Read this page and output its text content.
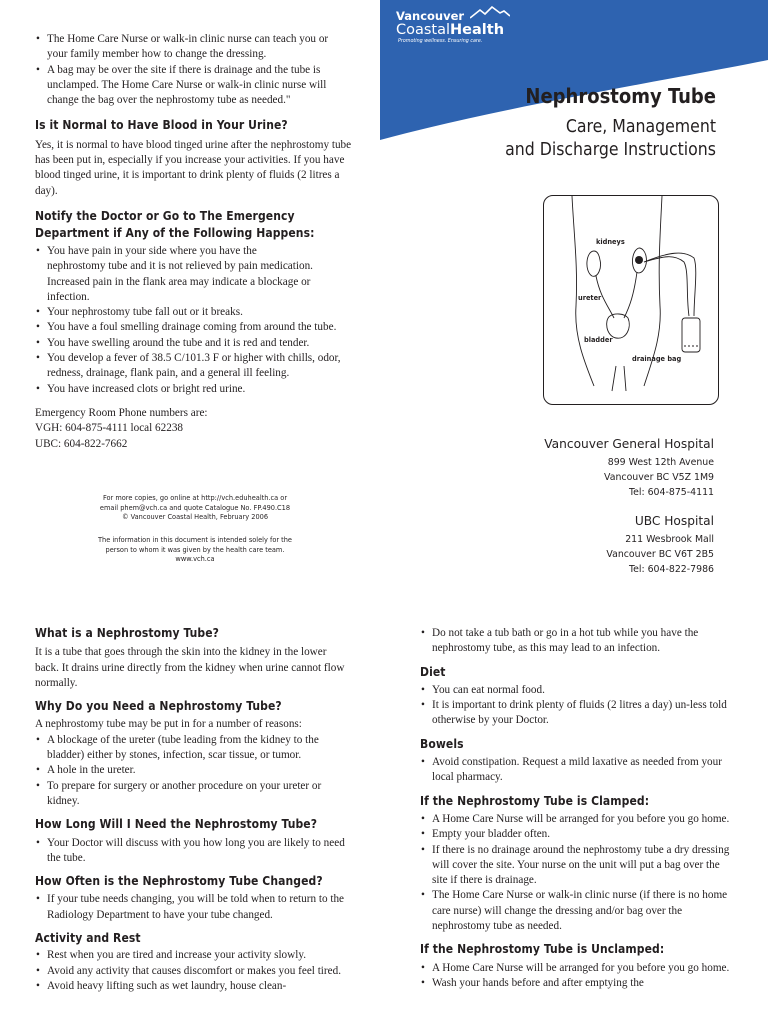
Vancouver
CoastalHealth
Promoting wellness. Ensuring care.
Nephrostomy Tube
Care, Management
and Discharge Instructions
kidneys
ureter
bladder
drainage bag
Vancouver General Hospital
899 West 12th Avenue
Vancouver BC V5Z 1M9
Tel: 604-875-4111
UBC Hospital
211 Wesbrook Mall
Vancouver BC V6T 2B5
Tel: 604-822-7986
• The Home Care Nurse or walk-in clinic nurse can teach you or your family member how to change the dressing.
• A bag may be over the site if there is drainage and the tube is unclamped. The Home Care Nurse or walk-in clinic nurse will change the bag over the nephrostomy tube as needed."
Is it Normal to Have Blood in Your Urine?

Yes, it is normal to have blood tinged urine after the nephrostomy tube has been put in, especially if you increase your activities. If you have blood tinged urine, it is important to drink plenty of fluids (2 litres a day).

Notify the Doctor or Go to The Emergency Department if Any of the Following Happens:
• You have pain in your side where you have the nephrostomy tube and it is not relieved by pain medication. Increased pain in the flank area may indicate a blockage or infection.
• Your nephrostomy tube fall out or it breaks.
• You have a foul smelling drainage coming from around the tube.
• You have swelling around the tube and it is red and tender.
• You develop a fever of 38.5 C/101.3 F or higher with chills, odor, redness, drainage, flank pain, and a general ill feeling.
• You have increased clots or bright red urine.

Emergency Room Phone numbers are:

VGH: 604-875-4111 local 62238

UBC: 604-822-7662

For more copies, go online at http://vch.eduhealth.ca or
email phem@vch.ca and quote Catalogue No. FP.490.C18
© Vancouver Coastal Health, February 2006
The information in this document is intended solely for the
person to whom it was given by the health care team.
www.vch.ca
What is a Nephrostomy Tube?

It is a tube that goes through the skin into the kidney in the lower back. It drains urine directly from the kidney when urine cannot flow normally.

Why Do you Need a Nephrostomy Tube?

A nephrostomy tube may be put in for a number of reasons:

• A blockage of the ureter (tube leading from the kidney to the bladder) either by stones, infection, scar tissue, or tumor.
• A hole in the ureter.
• To prepare for surgery or another procedure on your ureter or kidney.
How Long Will I Need the Nephrostomy Tube?
• Your Doctor will discuss with you how long you are likely to need the tube.
How Often is the Nephrostomy Tube Changed?
• If your tube needs changing, you will be told when to return to the Radiology Department to have your tube changed.
Activity and Rest
• Rest when you are tired and increase your activity slowly.
• Avoid any activity that causes discomfort or makes you feel tired.
• Avoid heavy lifting such as wet laundry, house clean-
• Do not take a tub bath or go in a hot tub while you have the nephrostomy tube, as this may lead to an infection.
Diet
• You can eat normal food.
• It is important to drink plenty of fluids (2 litres a day) un-less told otherwise by your Doctor.
Bowels
• Avoid constipation. Request a mild laxative as needed from your local pharmacy.
If the Nephrostomy Tube is Clamped:
• A Home Care Nurse will be arranged for you before you go home.
• Empty your bladder often.
• If there is no drainage around the nephrostomy tube a dry dressing will cover the site. Your nurse on the unit will put a bag over the site if there is drainage.
• The Home Care Nurse or walk-in clinic nurse (if there is no home care nurse) will change the dressing and/or bag over the nephrostomy tube as needed.
If the Nephrostomy Tube is Unclamped:
• A Home Care Nurse will be arranged for you before you go home.
• Wash your hands before and after emptying the
